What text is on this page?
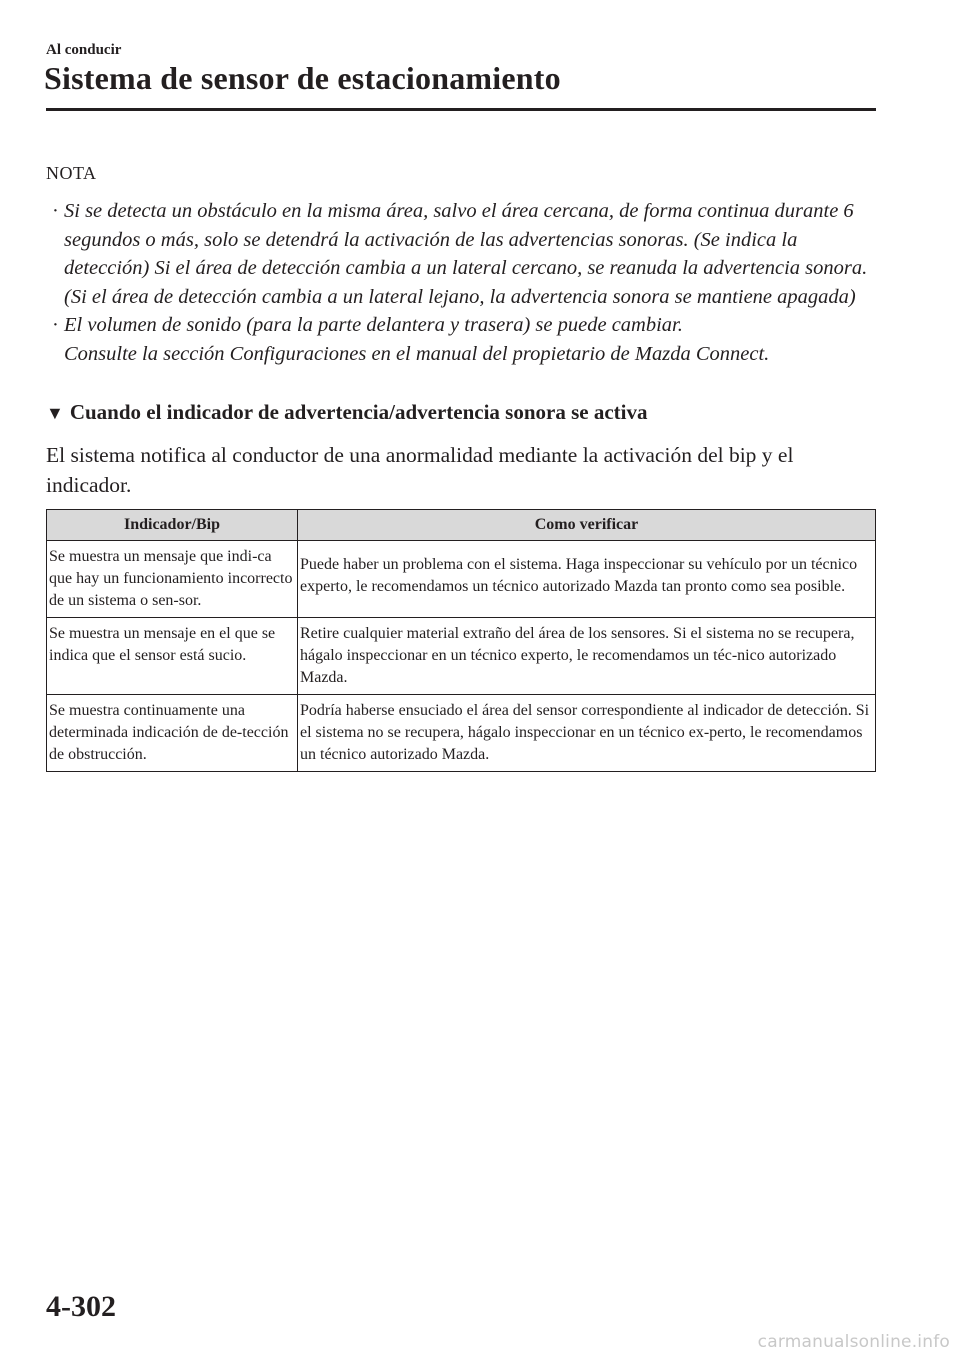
Al conducir
Sistema de sensor de estacionamiento
NOTA
· Si se detecta un obstáculo en la misma área, salvo el área cercana, de forma continua durante 6 segundos o más, solo se detendrá la activación de las advertencias sonoras. (Se indica la detección) Si el área de detección cambia a un lateral cercano, se reanuda la advertencia sonora. (Si el área de detección cambia a un lateral lejano, la advertencia sonora se mantiene apagada)
· El volumen de sonido (para la parte delantera y trasera) se puede cambiar.
Consulte la sección Configuraciones en el manual del propietario de Mazda Connect.
▼ Cuando el indicador de advertencia/advertencia sonora se activa

El sistema notifica al conductor de una anormalidad mediante la activación del bip y el indicador.

Indicador/Bip	Como verificar
Se muestra un mensaje que indi-ca que hay un funcionamiento incorrecto de un sistema o sen-sor.	Puede haber un problema con el sistema. Haga inspeccionar su vehículo por un técnico experto, le recomendamos un técnico autorizado Mazda tan pronto como sea posible.
Se muestra un mensaje en el que se indica que el sensor está sucio.	Retire cualquier material extraño del área de los sensores. Si el sistema no se recupera, hágalo inspeccionar en un técnico experto, le recomendamos un téc-nico autorizado Mazda.
Se muestra continuamente una determinada indicación de de-tección de obstrucción.	Podría haberse ensuciado el área del sensor correspondiente al indicador de detección. Si el sistema no se recupera, hágalo inspeccionar en un técnico ex-perto, le recomendamos un técnico autorizado Mazda.
4-302
carmanualsonline.info
